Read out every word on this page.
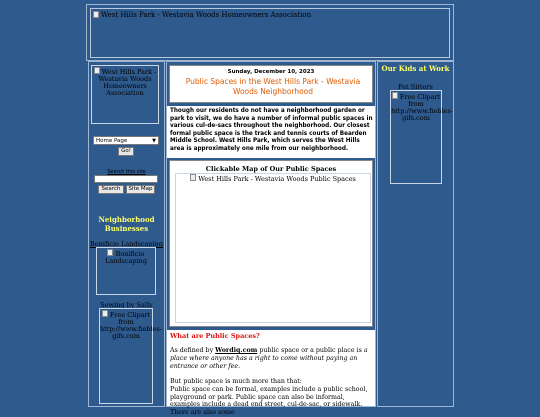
West Hills Park - Westavia Woods Homeowners Association
West Hills Park - Westavia Woods Homeowners Association
Home Page	▼
Go!
Search this site
Search	Site Map
Neighborhood Businesses
Bonificio Landscaping
Bonificio Landscaping
Sewing by Sally
Free Clipart from http://www.fiebles-gifs.com
Sunday, December 10, 2023
Public Spaces in the West Hills Park - Westavia Woods Neighborhood
Though our residents do not have a neighborhood garden or park to visit, we do have a number of informal public spaces in various cul-de-sacs throughout the neighborhood. Our closest formal public space is the track and tennis courts of Bearden Middle School. West Hills Park, which serves the West Hills area is approximately one mile from our neighborhood.
Clickable Map of Our Public Spaces
West Hills Park - Westavia Woods Public Spaces
What are Public Spaces?
As defined by Wordiq.com public space or a public place is a place where anyone has a right to come without paying an entrance or other fee.
But public space is much more than that:
Public space can be formal, examples include a public school, playground or park. Public space can also be informal, examples include a dead end street, cul-de-sac, or sidewalk. There are also some
Our Kids at Work
Pet Sitters
Free Clipart from http://www.fiebles-gifs.com
